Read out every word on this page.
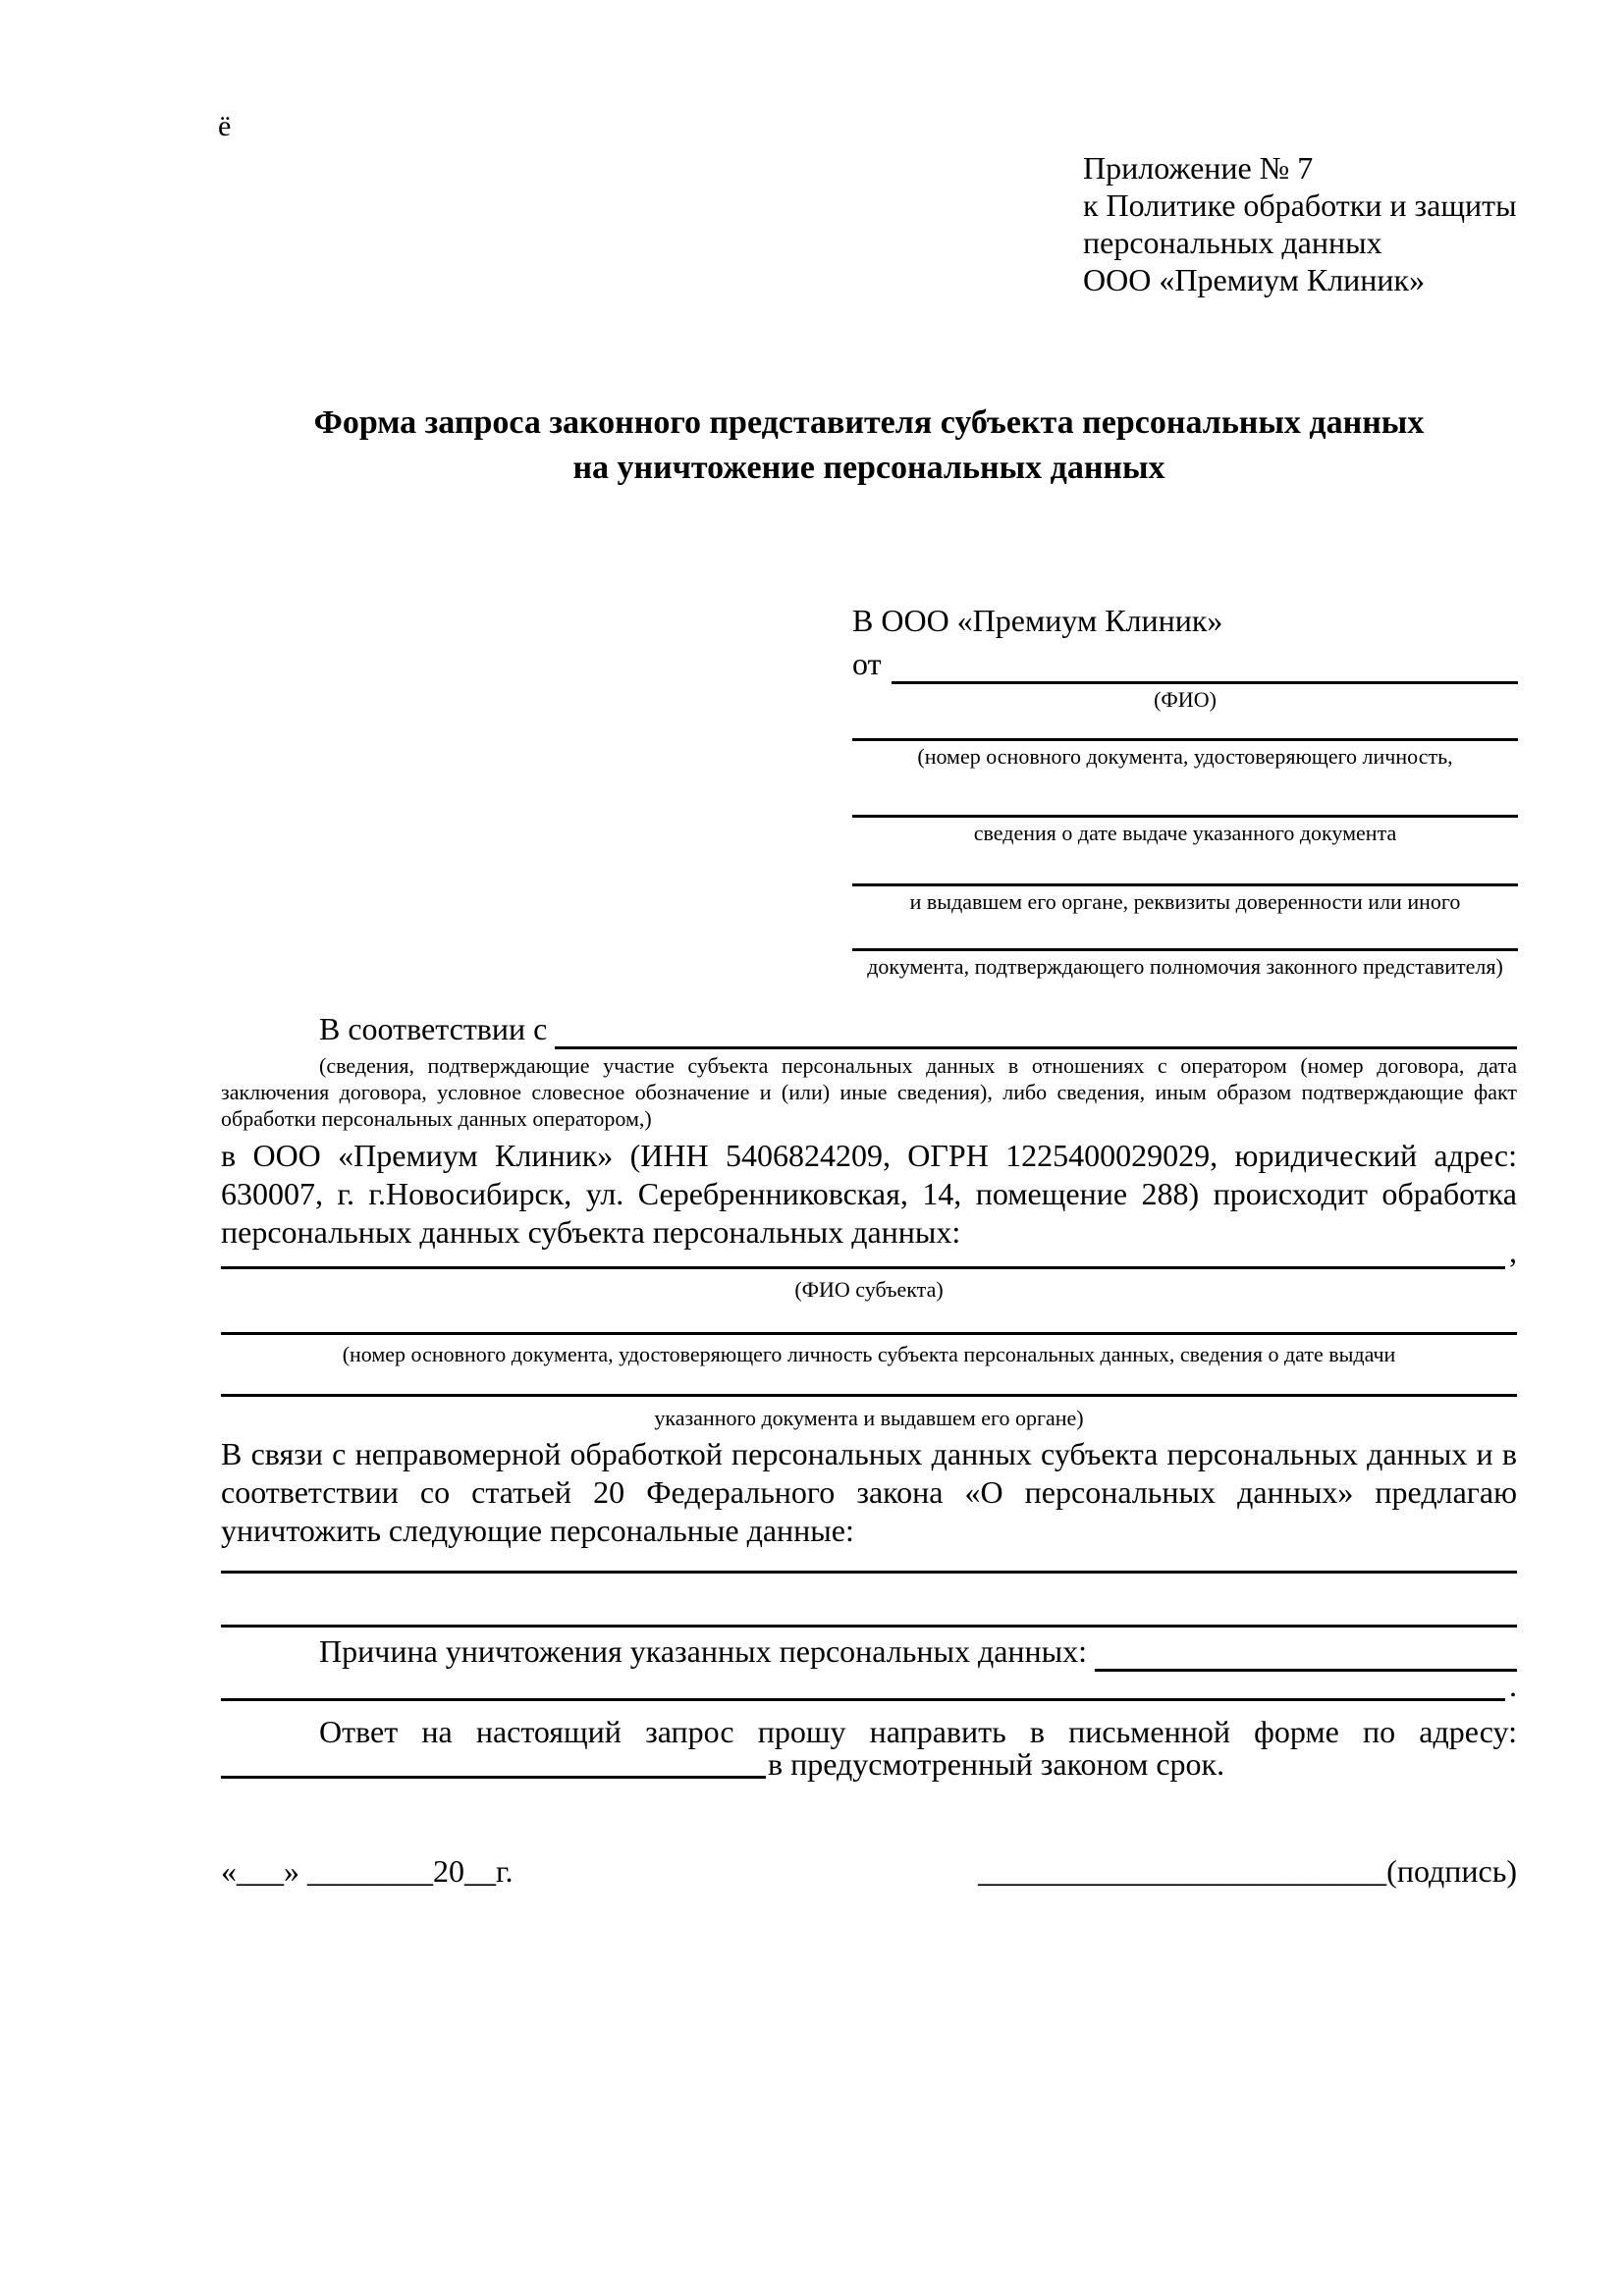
ё
Приложение № 7
к Политике обработки и защиты
персональных данных
ООО «Премиум Клиник»
Форма запроса законного представителя субъекта персональных данных
на уничтожение персональных данных
В ООО «Премиум Клиник»
от
(ФИО)
(номер основного документа, удостоверяющего личность,
сведения о дате выдаче указанного документа
и выдавшем его органе, реквизиты доверенности или иного
документа, подтверждающего полномочия законного представителя)
В соответствии с
(сведения, подтверждающие участие субъекта персональных данных в отношениях с оператором (номер договора, дата заключения договора, условное словесное обозначение и (или) иные сведения), либо сведения, иным образом подтверждающие факт обработки персональных данных оператором,)
в ООО «Премиум Клиник» (ИНН 5406824209, ОГРН 1225400029029, юридический адрес: 630007, г. г.Новосибирск, ул. Серебренниковская, 14, помещение 288) происходит обработка персональных данных субъекта персональных данных:
,
(ФИО субъекта)
(номер основного документа, удостоверяющего личность субъекта персональных данных, сведения о дате выдачи
указанного документа и выдавшем его органе)
В связи с неправомерной обработкой персональных данных субъекта персональных данных и в соответствии со статьей 20 Федерального закона «О персональных данных» предлагаю уничтожить следующие персональные данные:
Причина уничтожения указанных персональных данных:
.
Ответ на настоящий запрос прошу направить в письменной форме по адресу:
в предусмотренный законом срок.
«___» ________20__г.	__________________________(подпись)
